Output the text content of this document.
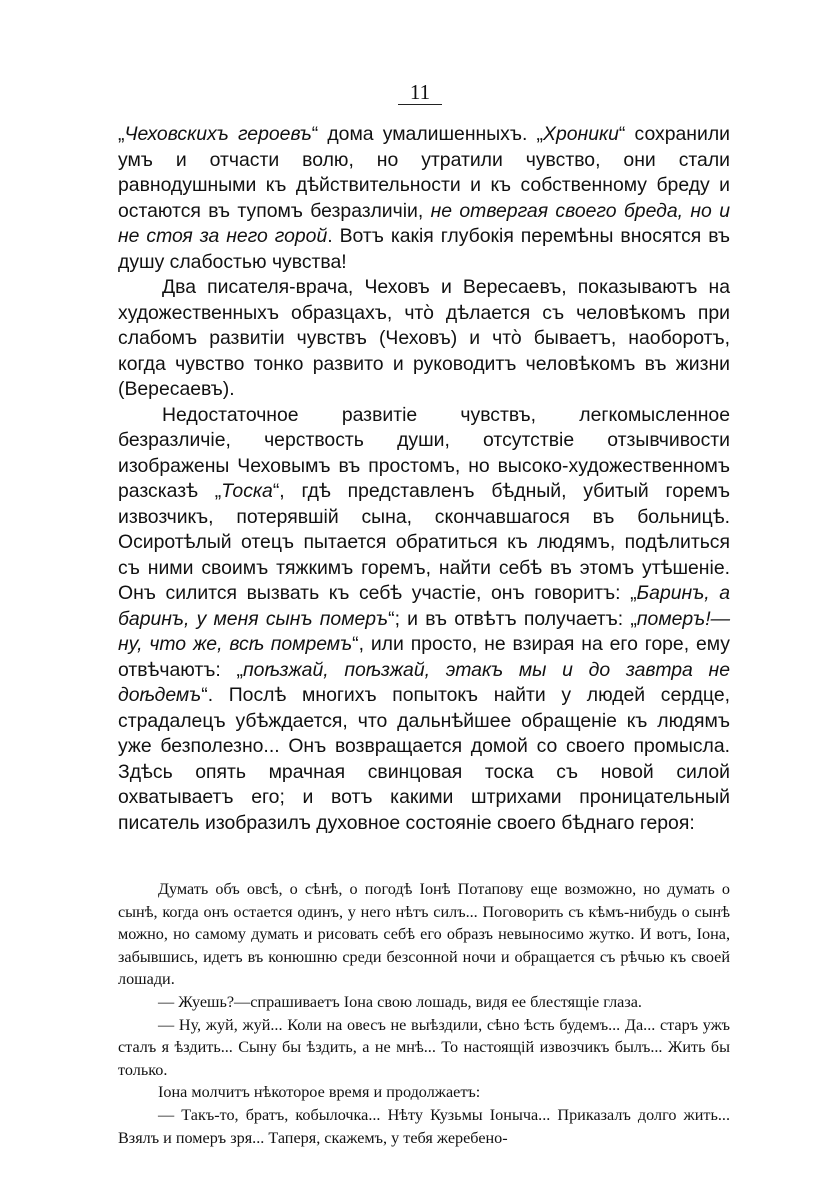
11

„Чеховскихъ героевъ“ дома умалишенныхъ. „Хроники“ сохранили умъ и отчасти волю, но утратили чувство, они стали равнодушными къ дѣйствительности и къ собственному бреду и остаются въ тупомъ безразличіи, не отвергая своего бреда, но и не стоя за него горой. Вотъ какія глубокія перемѣны вносятся въ душу слабостью чувства!

Два писателя-врача, Чеховъ и Вересаевъ, показываютъ на художественныхъ образцахъ, что̀ дѣлается съ человѣкомъ при слабомъ развитіи чувствъ (Чеховъ) и что̀ бываетъ, наоборотъ, когда чувство тонко развито и руководитъ человѣкомъ въ жизни (Вересаевъ).

Недостаточное развитіе чувствъ, легкомысленное безразличіе, черствость души, отсутствіе отзывчивости изображены Чеховымъ въ простомъ, но высоко-художественномъ разсказѣ „Тоска“, гдѣ представленъ бѣдный, убитый горемъ извозчикъ, потерявшій сына, скончавшагося въ больницѣ. Осиротѣлый отецъ пытается обратиться къ людямъ, подѣлиться съ ними своимъ тяжкимъ горемъ, найти себѣ въ этомъ утѣшеніе. Онъ силится вызвать къ себѣ участіе, онъ говоритъ: „Баринъ, а баринъ, у меня сынъ померъ“; и въ отвѣтъ получаетъ: „померъ!—ну, что же, всѣ помремъ“, или просто, не взирая на его горе, ему отвѣчаютъ: „поѣзжай, поѣзжай, этакъ мы и до завтра не доѣдемъ“. Послѣ многихъ попытокъ найти у людей сердце, страдалецъ убѣждается, что дальнѣйшее обращеніе къ людямъ уже безполезно... Онъ возвращается домой со своего промысла. Здѣсь опять мрачная свинцовая тоска съ новой силой охватываетъ его; и вотъ какими штрихами проницательный писатель изобразилъ духовное состояніе своего бѣднаго героя:

Думать объ овсѣ, о сѣнѣ, о погодѣ Іонѣ Потапову еще возможно, но думать о сынѣ, когда онъ остается одинъ, у него нѣтъ силъ... Поговорить съ кѣмъ-нибудь о сынѣ можно, но самому думать и рисовать себѣ его образъ невыносимо жутко. И вотъ, Іона, забывшись, идетъ въ конюшню среди безсонной ночи и обращается съ рѣчью къ своей лошади.

— Жуешь?—спрашиваетъ Іона свою лошадь, видя ее блестящіе глаза.

— Ну, жуй, жуй... Коли на овесъ не выѣздили, сѣно ѣсть будемъ... Да... старъ ужъ сталъ я ѣздить... Сыну бы ѣздить, а не мнѣ... То настоящій извозчикъ былъ... Жить бы только.

Іона молчитъ нѣкоторое время и продолжаетъ:

— Такъ-то, братъ, кобылочка... Нѣту Кузьмы Іоныча... Приказалъ долго жить... Взялъ и померъ зря... Таперя, скажемъ, у тебя жеребено-
